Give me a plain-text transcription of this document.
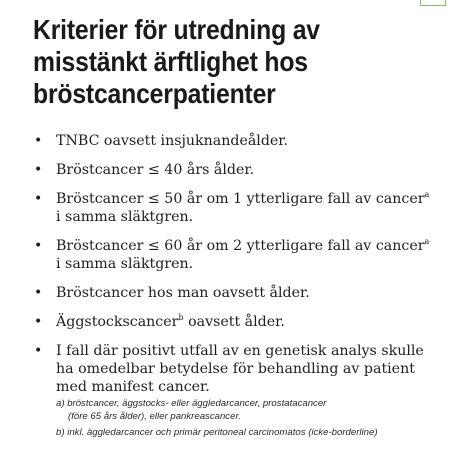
Kriterier för utredning av
misstänkt ärftlighet hos
bröstcancerpatienter
• TNBC oavsett insjuknandeålder.
• Bröstcancer ≤ 40 års ålder.
• Bröstcancer ≤ 50 år om 1 ytterligare fall av cancer$^a$
i samma släktgren.
• Bröstcancer ≤ 60 år om 2 ytterligare fall av cancer$^a$
i samma släktgren.
• Bröstcancer hos man oavsett ålder.
• Äggstockscancer$^b$ oavsett ålder.
• I fall där positivt utfall av en genetisk analys skulle
ha omedelbar betydelse för behandling av patient
med manifest cancer.

a) bröstcancer, äggstocks- eller äggledarcancer, prostatacancer
(före 65 års ålder), eller pankreascancer.

b) inkl. äggledarcancer och primär peritoneal carcinomatos (icke-borderline)
